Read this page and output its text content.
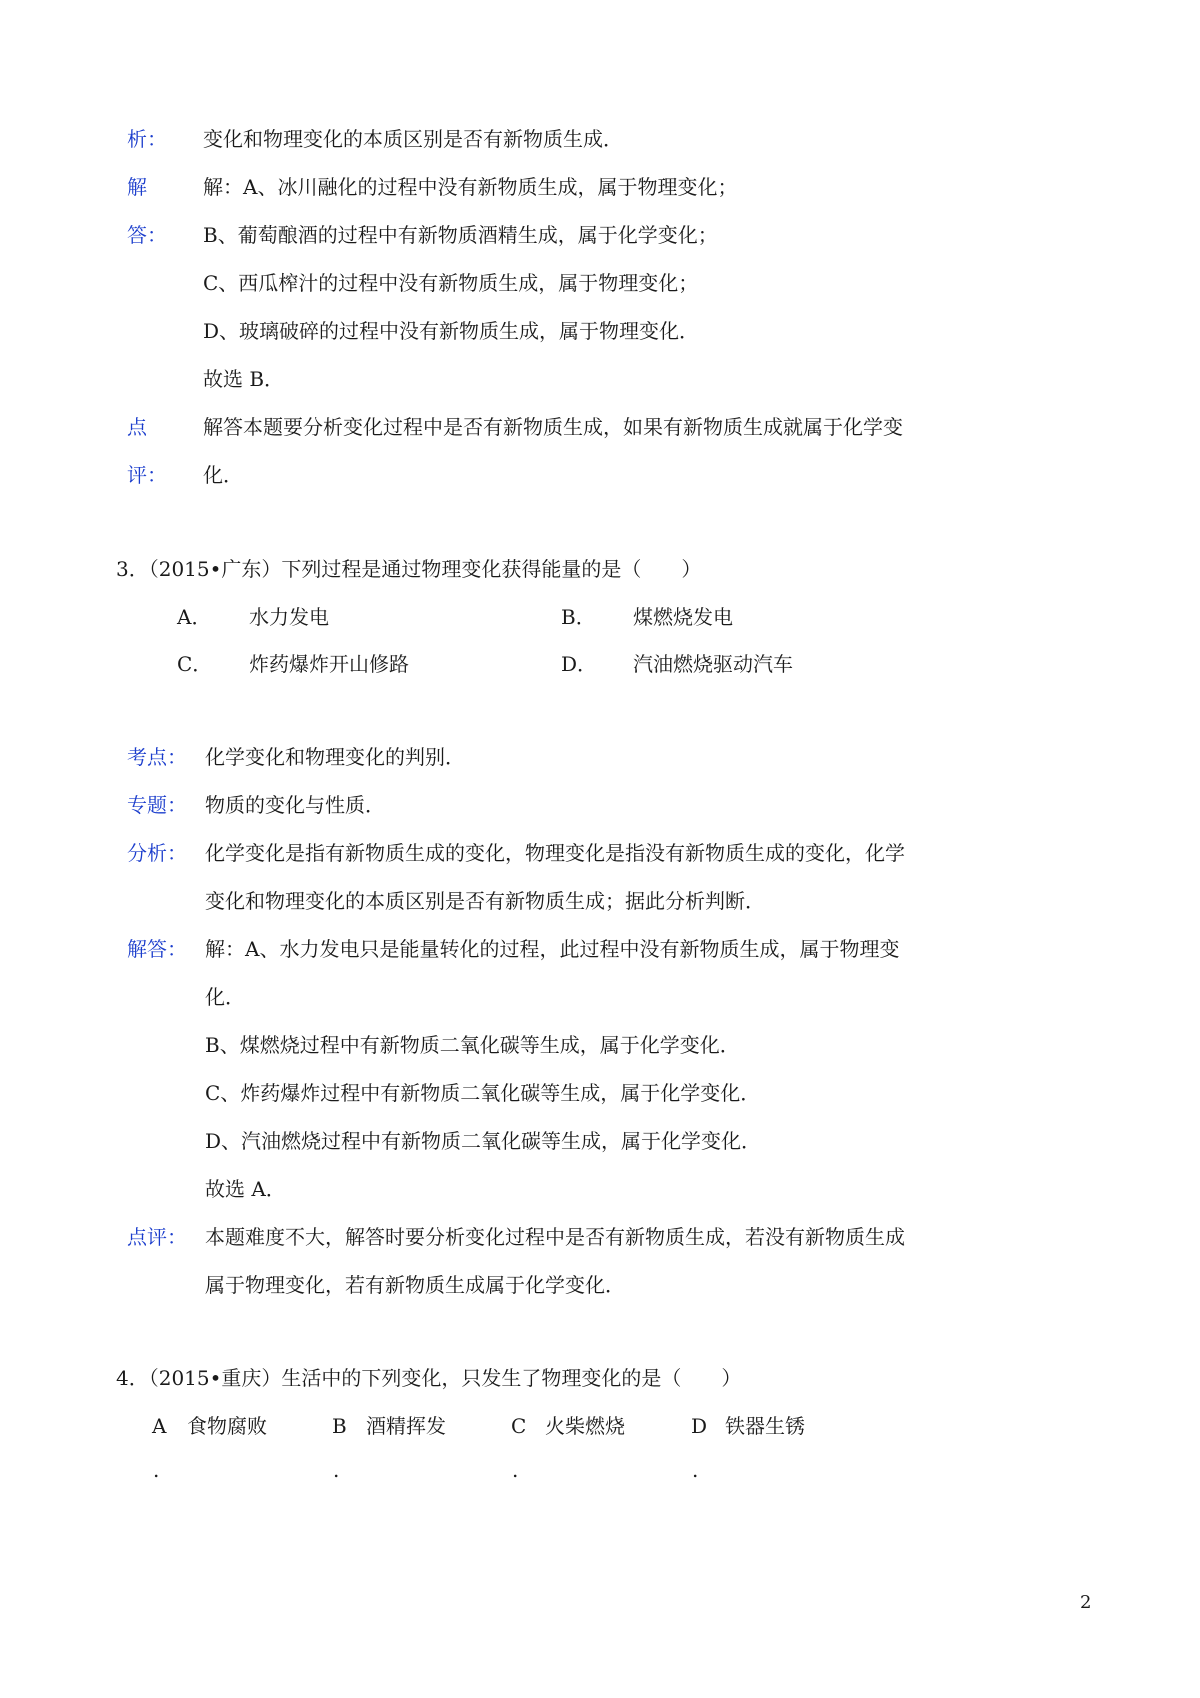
析： 变化和物理变化的本质区别是否有新物质生成．
解
答：
解：A、冰川融化的过程中没有新物质生成，属于物理变化；
B、葡萄酿酒的过程中有新物质酒精生成，属于化学变化；
C、西瓜榨汁的过程中没有新物质生成，属于物理变化；
D、玻璃破碎的过程中没有新物质生成，属于物理变化．
故选 B．
点
评：
解答本题要分析变化过程中是否有新物质生成，如果有新物质生成就属于化学变
化．
3．（2015•广东）下列过程是通过物理变化获得能量的是（　　）
A． 水力发电	B． 煤燃烧发电
C． 炸药爆炸开山修路	D． 汽油燃烧驱动汽车
考点： 化学变化和物理变化的判别．
专题： 物质的变化与性质．
分析： 化学变化是指有新物质生成的变化，物理变化是指没有新物质生成的变化，化学
变化和物理变化的本质区别是否有新物质生成；据此分析判断．
解答： 解：A、水力发电只是能量转化的过程，此过程中没有新物质生成，属于物理变
化．
B、煤燃烧过程中有新物质二氧化碳等生成，属于化学变化．
C、炸药爆炸过程中有新物质二氧化碳等生成，属于化学变化．
D、汽油燃烧过程中有新物质二氧化碳等生成，属于化学变化．
故选 A．
点评： 本题难度不大，解答时要分析变化过程中是否有新物质生成，若没有新物质生成
属于物理变化，若有新物质生成属于化学变化．
4．（2015•重庆）生活中的下列变化，只发生了物理变化的是（　　）
A 食物腐败	B 酒精挥发	C 火柴燃烧	D 铁器生锈
.	.	.	.
2
